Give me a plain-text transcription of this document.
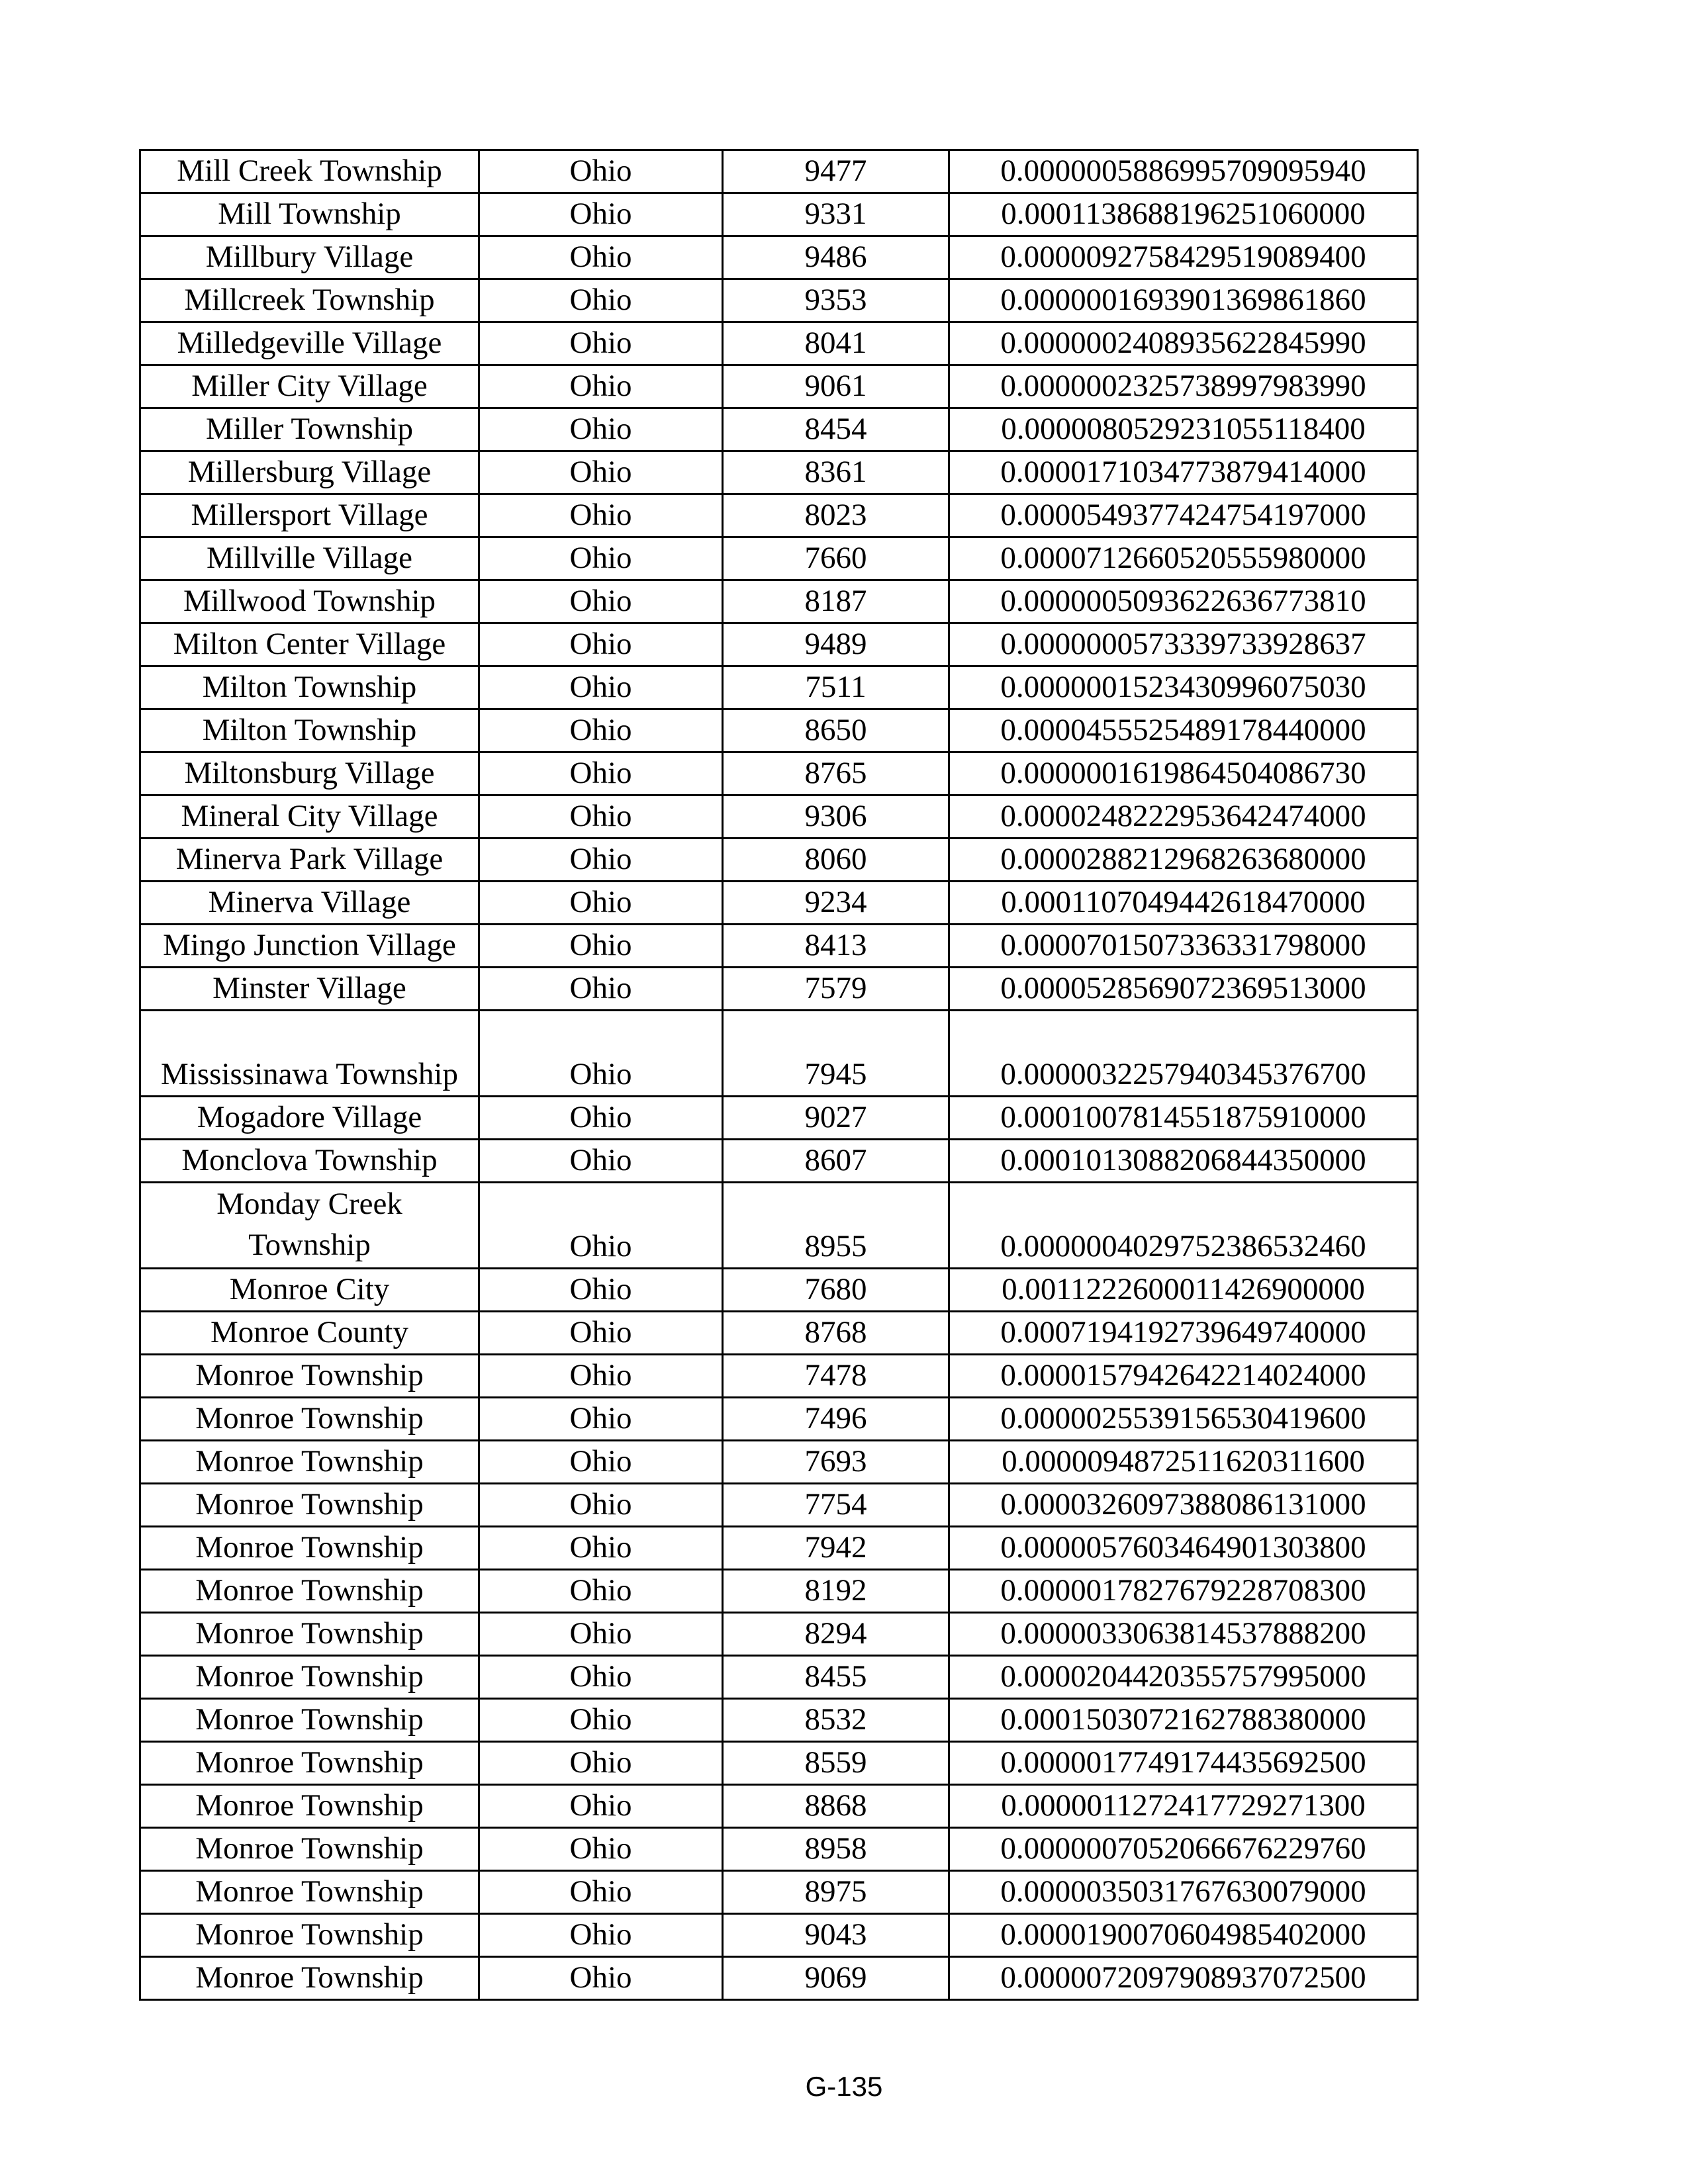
Mill Creek Township	Ohio	9477	0.0000005886995709095940
Mill Township	Ohio	9331	0.0001138688196251060000
Millbury Village	Ohio	9486	0.0000092758429519089400
Millcreek Township	Ohio	9353	0.0000001693901369861860
Milledgeville Village	Ohio	8041	0.0000002408935622845990
Miller City Village	Ohio	9061	0.0000002325738997983990
Miller Township	Ohio	8454	0.0000080529231055118400
Millersburg Village	Ohio	8361	0.0000171034773879414000
Millersport Village	Ohio	8023	0.0000549377424754197000
Millville Village	Ohio	7660	0.0000712660520555980000
Millwood Township	Ohio	8187	0.0000005093622636773810
Milton Center Village	Ohio	9489	0.0000000573339733928637
Milton Township	Ohio	7511	0.0000001523430996075030
Milton Township	Ohio	8650	0.0000455525489178440000
Miltonsburg Village	Ohio	8765	0.0000001619864504086730
Mineral City Village	Ohio	9306	0.0000248222953642474000
Minerva Park Village	Ohio	8060	0.0000288212968263680000
Minerva Village	Ohio	9234	0.0001107049442618470000
Mingo Junction Village	Ohio	8413	0.0000701507336331798000
Minster Village	Ohio	7579	0.0000528569072369513000
Mississinawa Township	Ohio	7945	0.0000032257940345376700
Mogadore Village	Ohio	9027	0.0001007814551875910000
Monclova Township	Ohio	8607	0.0001013088206844350000
Monday Creek Township	Ohio	8955	0.0000004029752386532460
Monroe City	Ohio	7680	0.0011222600011426900000
Monroe County	Ohio	8768	0.0007194192739649740000
Monroe Township	Ohio	7478	0.0000157942642214024000
Monroe Township	Ohio	7496	0.0000025539156530419600
Monroe Township	Ohio	7693	0.0000094872511620311600
Monroe Township	Ohio	7754	0.0000326097388086131000
Monroe Township	Ohio	7942	0.0000057603464901303800
Monroe Township	Ohio	8192	0.0000017827679228708300
Monroe Township	Ohio	8294	0.0000033063814537888200
Monroe Township	Ohio	8455	0.0000204420355757995000
Monroe Township	Ohio	8532	0.0001503072162788380000
Monroe Township	Ohio	8559	0.0000017749174435692500
Monroe Township	Ohio	8868	0.0000011272417729271300
Monroe Township	Ohio	8958	0.0000007052066676229760
Monroe Township	Ohio	8975	0.0000035031767630079000
Monroe Township	Ohio	9043	0.0000190070604985402000
Monroe Township	Ohio	9069	0.0000072097908937072500
G-135
